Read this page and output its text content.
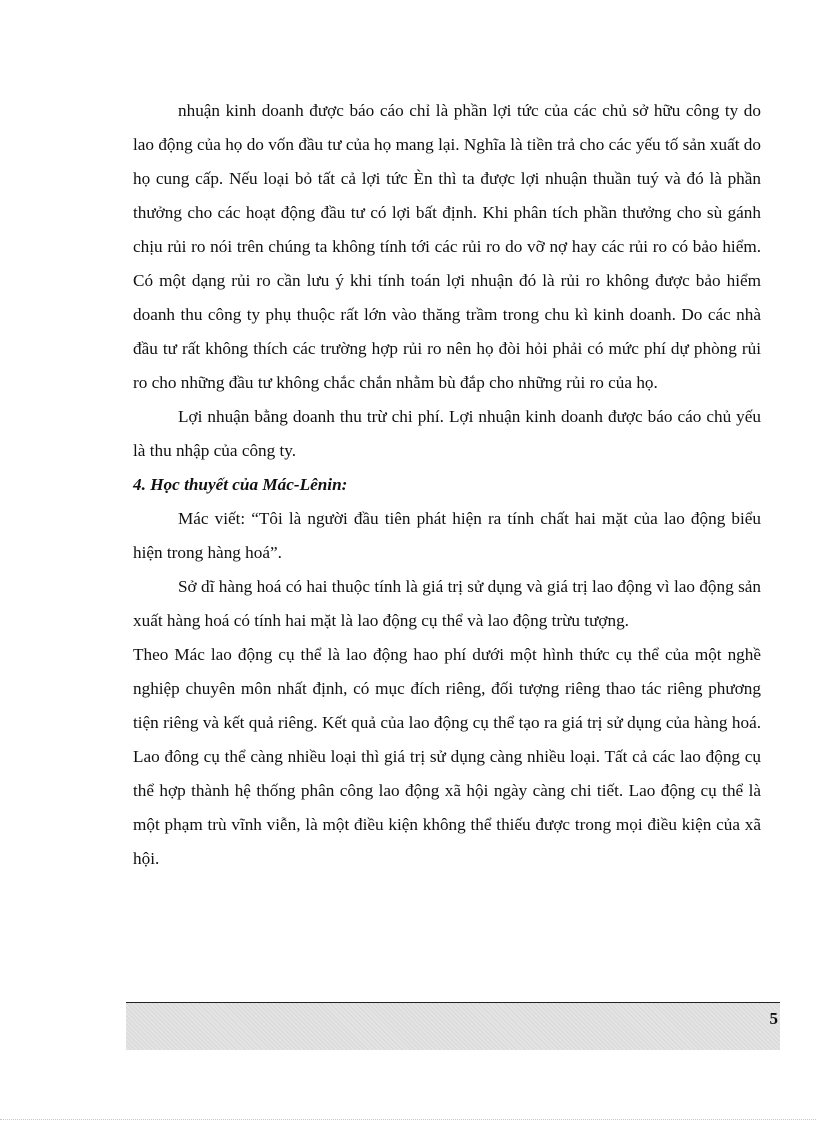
nhuận kinh doanh được báo cáo chỉ là phần lợi tức của các chủ sở hữu công ty do lao động của họ do vốn đầu tư của họ mang lại. Nghĩa là tiền trả cho các yếu tố sản xuất do họ cung cấp. Nếu loại bỏ tất cả lợi tức Èn thì ta được lợi nhuận thuần tuý và đó là phần thưởng cho các hoạt động đầu tư có lợi bất định. Khi phân tích phần thưởng cho sù gánh chịu rủi ro nói trên chúng ta không tính tới các rủi ro do vỡ nợ hay các rủi ro có bảo hiểm. Có một dạng rủi ro cần lưu ý khi tính toán lợi nhuận đó là rủi ro không được bảo hiểm doanh thu công ty phụ thuộc rất lớn vào thăng trầm trong chu kì kinh doanh. Do các nhà đầu tư rất không thích các trường hợp rủi ro nên họ đòi hỏi phải có mức phí dự phòng rủi ro cho những đầu tư không chắc chắn nhằm bù đắp cho những rủi ro của họ.

Lợi nhuận bằng doanh thu trừ chi phí. Lợi nhuận kinh doanh được báo cáo chủ yếu là thu nhập của công ty.

4. Học thuyết của Mác-Lênin:

Mác viết: “Tôi là người đầu tiên phát hiện ra tính chất hai mặt của lao động biểu hiện trong hàng hoá”.

Sở dĩ hàng hoá có hai thuộc tính là giá trị sử dụng và giá trị lao động vì lao động sản xuất hàng hoá có tính hai mặt là lao động cụ thể và lao động trừu tượng.

Theo Mác lao động cụ thể là lao động hao phí dưới một hình thức cụ thể của một nghề nghiệp chuyên môn nhất định, có mục đích riêng, đối tượng riêng thao tác riêng phương tiện riêng và kết quả riêng. Kết quả của lao động cụ thể tạo ra giá trị sử dụng của hàng hoá. Lao đông cụ thể càng nhiều loại thì giá trị sử dụng càng nhiều loại. Tất cả các lao động cụ thể hợp thành hệ thống phân công lao động xã hội ngày càng chi tiết. Lao động cụ thể là một phạm trù vĩnh viễn, là một điều kiện không thể thiếu được trong mọi điều kiện của xã hội.

5
